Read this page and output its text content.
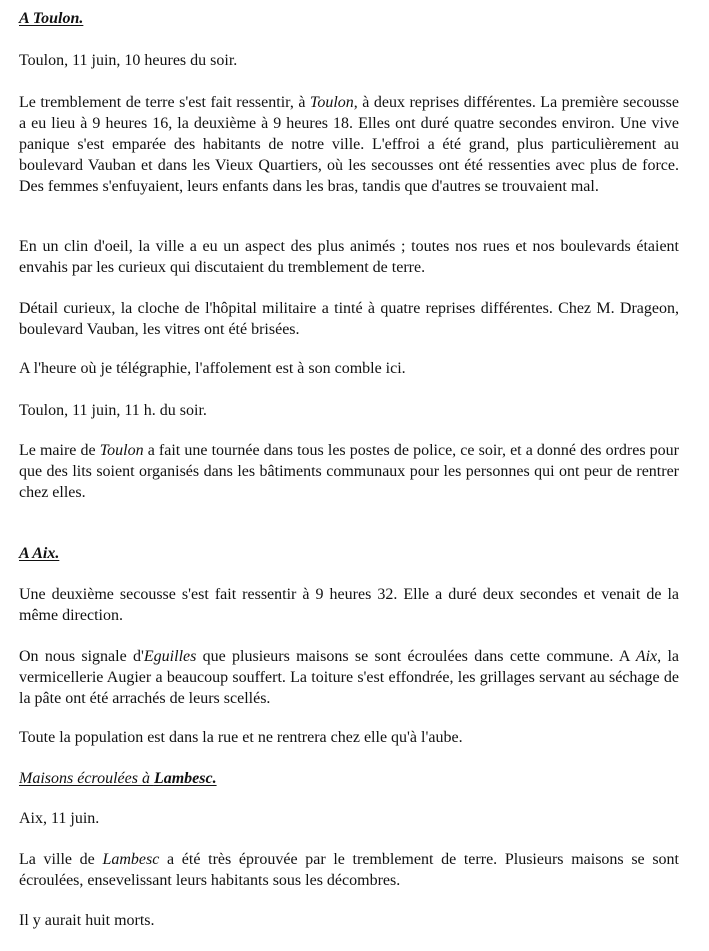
A Toulon.

Toulon, 11 juin, 10 heures du soir.

Le tremblement de terre s'est fait ressentir, à Toulon, à deux reprises différentes. La première secousse a eu lieu à 9 heures 16, la deuxième à 9 heures 18. Elles ont duré quatre secondes environ. Une vive panique s'est emparée des habitants de notre ville. L'effroi a été grand, plus particulièrement au boulevard Vauban et dans les Vieux Quartiers, où les secousses ont été ressenties avec plus de force. Des femmes s'enfuyaient, leurs enfants dans les bras, tandis que d'autres se trouvaient mal.

En un clin d'oeil, la ville a eu un aspect des plus animés ; toutes nos rues et nos boulevards étaient envahis par les curieux qui discutaient du tremblement de terre.

Détail curieux, la cloche de l'hôpital militaire a tinté à quatre reprises différentes. Chez M. Drageon, boulevard Vauban, les vitres ont été brisées.

A l'heure où je télégraphie, l'affolement est à son comble ici.

Toulon, 11 juin, 11 h. du soir.

Le maire de Toulon a fait une tournée dans tous les postes de police, ce soir, et a donné des ordres pour que des lits soient organisés dans les bâtiments communaux pour les personnes qui ont peur de rentrer chez elles.

A Aix.

Une deuxième secousse s'est fait ressentir à 9 heures 32. Elle a duré deux secondes et venait de la même direction.

On nous signale d'Eguilles que plusieurs maisons se sont écroulées dans cette commune. A Aix, la vermicellerie Augier a beaucoup souffert. La toiture s'est effondrée, les grillages servant au séchage de la pâte ont été arrachés de leurs scellés.

Toute la population est dans la rue et ne rentrera chez elle qu'à l'aube.

Maisons écroulées à Lambesc.

Aix, 11 juin.

La ville de Lambesc a été très éprouvée par le tremblement de terre. Plusieurs maisons se sont écroulées, ensevelissant leurs habitants sous les décombres.

Il y aurait huit morts.
